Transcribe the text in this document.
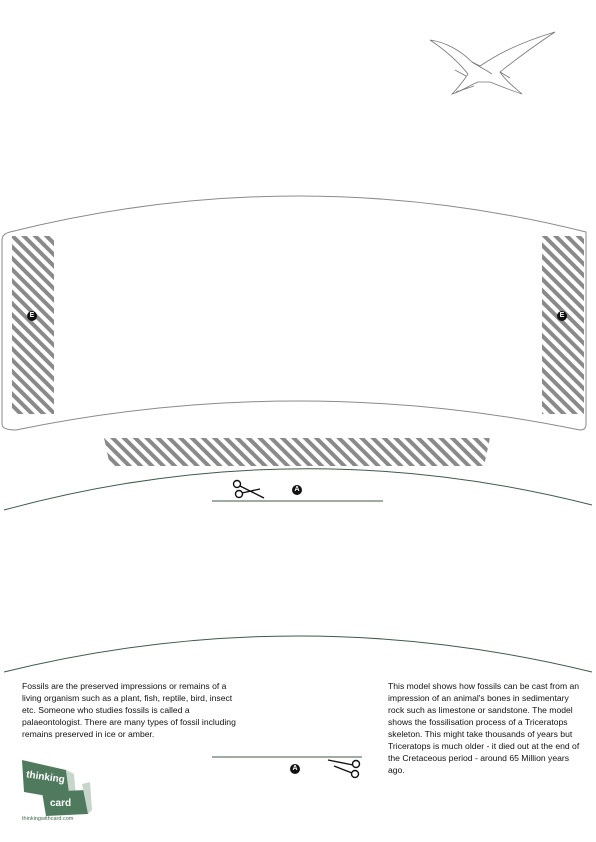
E	E
A
A
Fossils are the preserved impressions or remains of a living organism such as a plant, fish, reptile, bird, insect etc. Someone who studies fossils is called a palaeontologist. There are many types of fossil including remains preserved in ice or amber.
This model shows how fossils can be cast from an impression of an animal's bones in sedimentary rock such as limestone or sandstone. The model shows the fossilisation process of a Triceratops skeleton. This might take thousands of years but Triceratops is much older - it died out at the end of the Cretaceous period - around 65 Million years ago.
thinking
card
thinkingwithcard.com
